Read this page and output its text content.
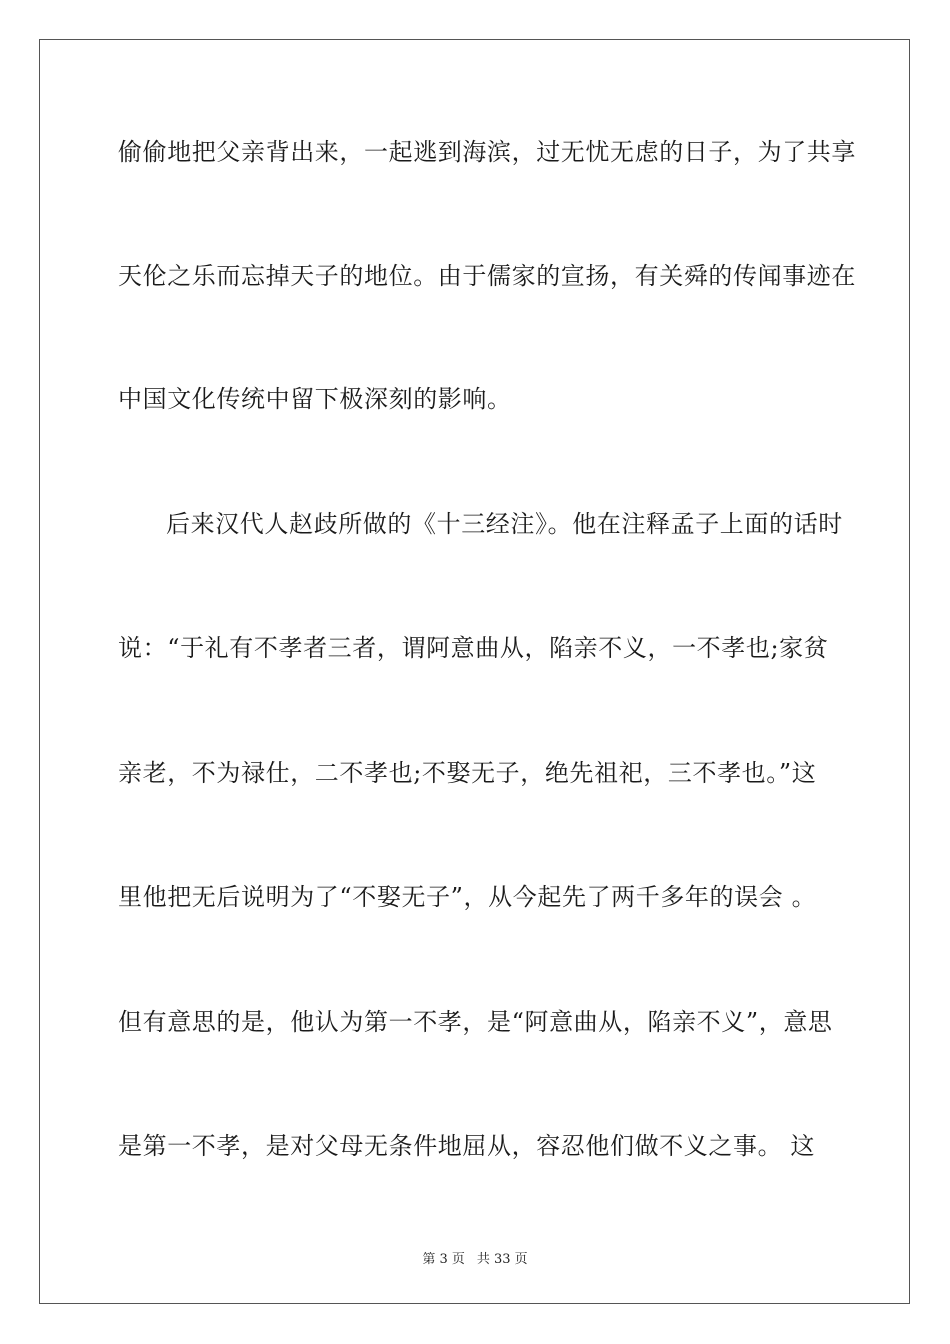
偷偷地把父亲背出来，一起逃到海滨，过无忧无虑的日子，为了共享
天伦之乐而忘掉天子的地位。由于儒家的宣扬，有关舜的传闻事迹在
中国文化传统中留下极深刻的影响。
后来汉代人赵歧所做的《十三经注》。他在注释孟子上面的话时
说：“于礼有不孝者三者，谓阿意曲从，陷亲不义，一不孝也;家贫
亲老，不为禄仕，二不孝也;不娶无子，绝先祖祀，三不孝也。”这
里他把无后说明为了“不娶无子”，从今起先了两千多年的误会 。
但有意思的是，他认为第一不孝，是“阿意曲从，陷亲不义”，意思
是第一不孝，是对父母无条件地屈从，容忍他们做不义之事。 这
第 3 页 共 33 页
